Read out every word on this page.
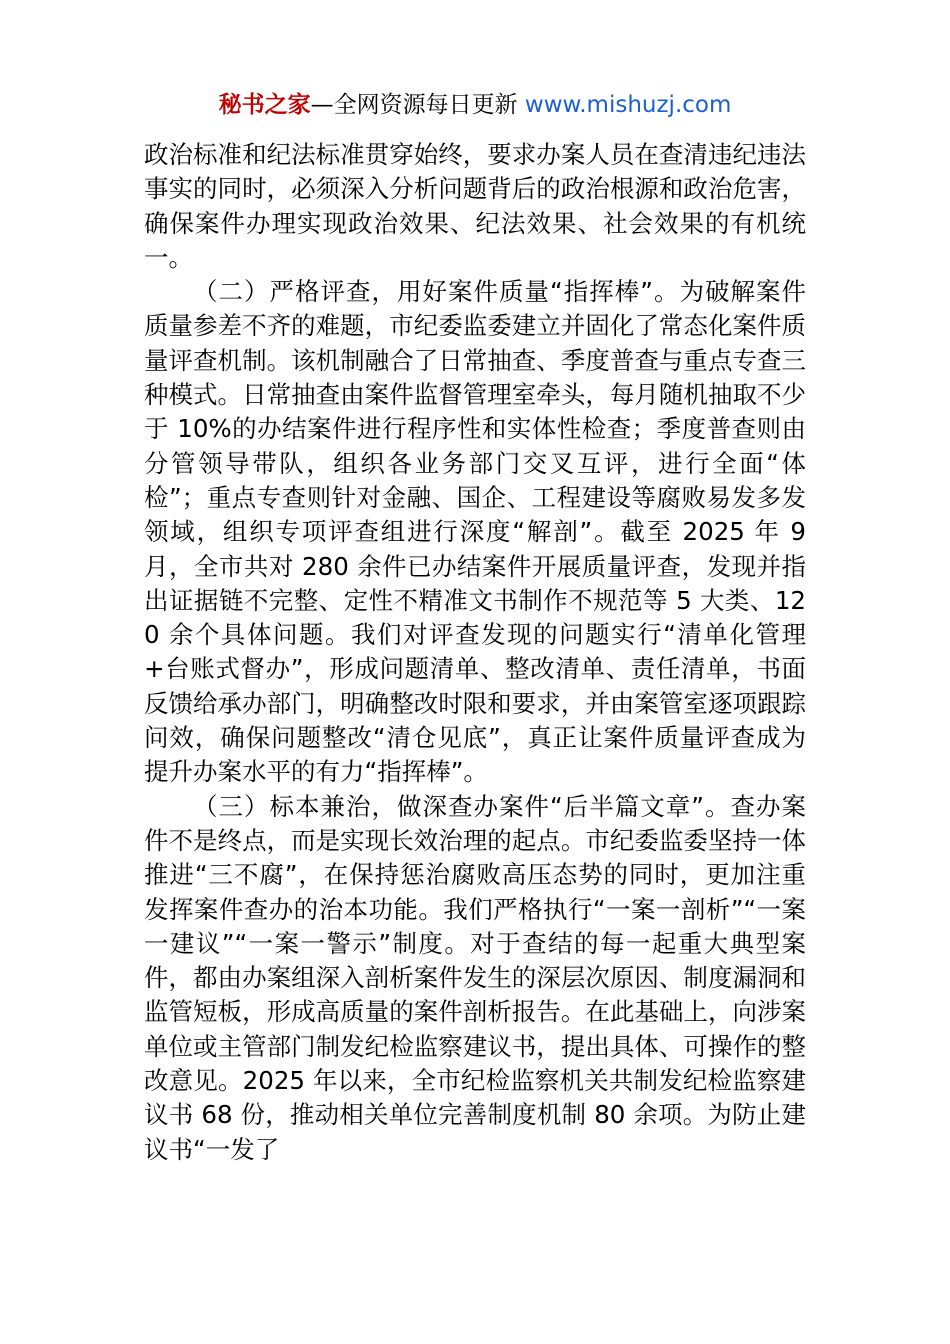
秘书之家—全网资源每日更新 www.mishuzj.com

政治标准和纪法标准贯穿始终，要求办案人员在查清违纪违法事实的同时，必须深入分析问题背后的政治根源和政治危害，确保案件办理实现政治效果、纪法效果、社会效果的有机统一。

（二）严格评查，用好案件质量“指挥棒”。为破解案件质量参差不齐的难题，市纪委监委建立并固化了常态化案件质量评查机制。该机制融合了日常抽查、季度普查与重点专查三种模式。日常抽查由案件监督管理室牵头，每月随机抽取不少于 10%的办结案件进行程序性和实体性检查；季度普查则由分管领导带队，组织各业务部门交叉互评，进行全面“体检”；重点专查则针对金融、国企、工程建设等腐败易发多发领域，组织专项评查组进行深度“解剖”。截至 2025 年 9 月，全市共对 280 余件已办结案件开展质量评查，发现并指出证据链不完整、定性不精准文书制作不规范等 5 大类、120 余个具体问题。我们对评查发现的问题实行“清单化管理+台账式督办”，形成问题清单、整改清单、责任清单，书面反馈给承办部门，明确整改时限和要求，并由案管室逐项跟踪问效，确保问题整改“清仓见底”，真正让案件质量评查成为提升办案水平的有力“指挥棒”。

（三）标本兼治，做深查办案件“后半篇文章”。查办案件不是终点，而是实现长效治理的起点。市纪委监委坚持一体推进“三不腐”，在保持惩治腐败高压态势的同时，更加注重发挥案件查办的治本功能。我们严格执行“一案一剖析”“一案一建议”“一案一警示”制度。对于查结的每一起重大典型案件，都由办案组深入剖析案件发生的深层次原因、制度漏洞和监管短板，形成高质量的案件剖析报告。在此基础上，向涉案单位或主管部门制发纪检监察建议书，提出具体、可操作的整改意见。2025 年以来，全市纪检监察机关共制发纪检监察建议书 68 份，推动相关单位完善制度机制 80 余项。为防止建议书“一发了
